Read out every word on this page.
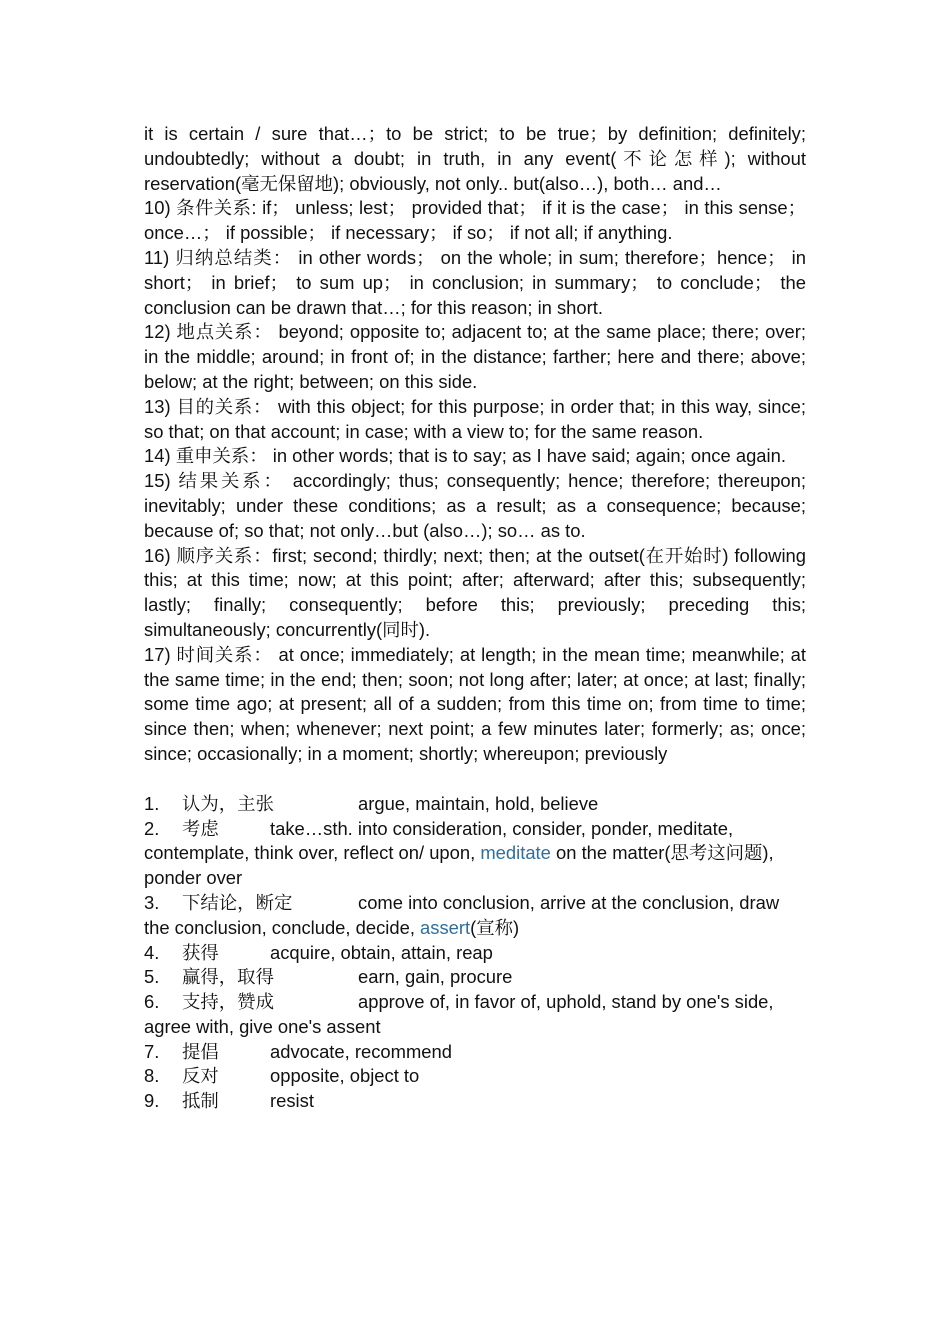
it is certain / sure that…；to be strict; to be true；by definition; definitely; undoubtedly; without a doubt; in truth, in any event(不论怎样); without reservation(毫无保留地); obviously, not only.. but(also…), both… and…

10) 条件关系: if； unless; lest； provided that； if it is the case； in this sense； once…； if possible； if necessary； if so； if not all; if anything.

11) 归纳总结类： in other words； on the whole; in sum; therefore；hence； in short； in brief； to sum up； in conclusion; in summary； to conclude； the conclusion can be drawn that…; for this reason; in short.

12) 地点关系： beyond; opposite to; adjacent to; at the same place; there; over; in the middle; around; in front of; in the distance; farther; here and there; above; below; at the right; between; on this side.

13) 目的关系： with this object; for this purpose; in order that; in this way, since; so that; on that account; in case; with a view to; for the same reason.

14) 重申关系： in other words; that is to say; as I have said; again; once again.

15) 结果关系： accordingly; thus; consequently; hence; therefore; thereupon; inevitably; under these conditions; as a result; as a consequence; because; because of; so that; not only…but (also…); so… as to.

16) 顺序关系：first; second; thirdly; next; then; at the outset(在开始时) following this; at this time; now; at this point; after; afterward; after this; subsequently; lastly; finally; consequently; before this; previously; preceding this; simultaneously; concurrently(同时).

17) 时间关系： at once; immediately; at length; in the mean time; meanwhile; at the same time; in the end; then; soon; not long after; later; at once; at last; finally; some time ago; at present; all of a sudden; from this time on; from time to time; since then; when; whenever; next point; a few minutes later; formerly; as; once; since; occasionally; in a moment; shortly; whereupon; previously

1. 认为，主张	argue, maintain, hold, believe

2. 考虑	take…sth. into consideration, consider, ponder, meditate, contemplate, think over, reflect on/ upon, meditate on the matter(思考这问题), ponder over

3. 下结论，断定	come into conclusion, arrive at the conclusion, draw the conclusion, conclude, decide, assert(宣称)

4. 获得	acquire, obtain, attain, reap

5. 赢得，取得	earn, gain, procure

6. 支持，赞成	approve of, in favor of, uphold, stand by one's side, agree with, give one's assent

7. 提倡	advocate, recommend

8. 反对	opposite, object to

9. 抵制	resist
